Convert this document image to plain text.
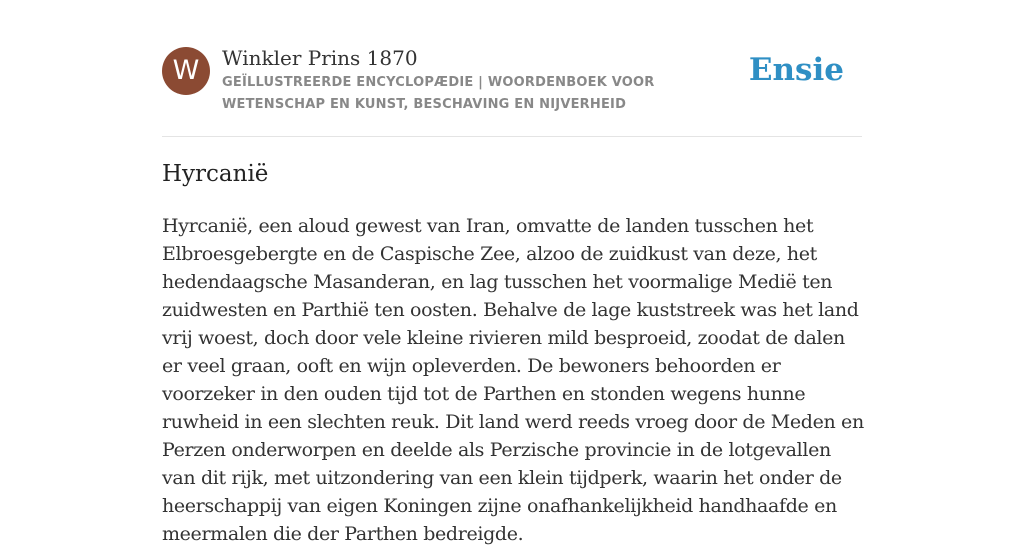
W	Winkler Prins 1870
GEÏLLUSTREERDE ENCYCLOPÆDIE | WOORDENBOEK VOOR WETENSCHAP EN KUNST, BESCHAVING EN NIJVERHEID
Ensie
Hyrcanië

Hyrcanië, een aloud gewest van Iran, omvatte de landen tusschen het Elbroesgebergte en de Caspische Zee, alzoo de zuidkust van deze, het hedendaagsche Masanderan, en lag tusschen het voormalige Medië ten zuidwesten en Parthië ten oosten. Behalve de lage kuststreek was het land vrij woest, doch door vele kleine rivieren mild besproeid, zoodat de dalen er veel graan, ooft en wijn opleverden. De bewoners behoorden er voorzeker in den ouden tijd tot de Parthen en stonden wegens hunne ruwheid in een slechten reuk. Dit land werd reeds vroeg door de Meden en Perzen onderworpen en deelde als Perzische provincie in de lotgevallen van dit rijk, met uitzondering van een klein tijdperk, waarin het onder de heerschappij van eigen Koningen zijne onafhankelijkheid handhaafde en meermalen die der Parthen bedreigde.
